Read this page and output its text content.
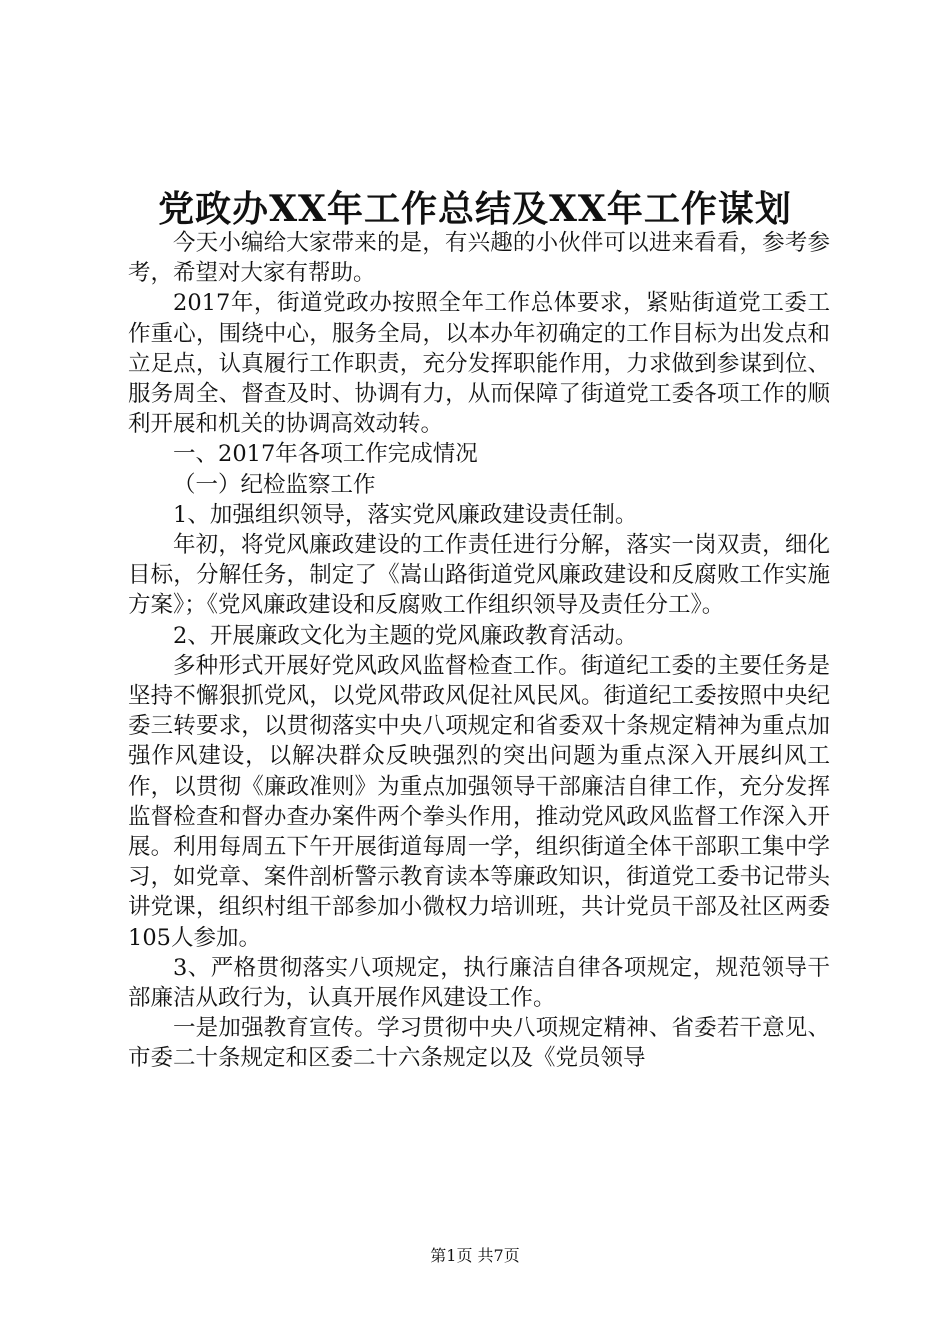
党政办XX年工作总结及XX年工作谋划

今天小编给大家带来的是，有兴趣的小伙伴可以进来看看，参考参考，希望对大家有帮助。

2017年，街道党政办按照全年工作总体要求，紧贴街道党工委工作重心，围绕中心，服务全局，以本办年初确定的工作目标为出发点和立足点，认真履行工作职责，充分发挥职能作用，力求做到参谋到位、服务周全、督查及时、协调有力，从而保障了街道党工委各项工作的顺利开展和机关的协调高效动转。

一、2017年各项工作完成情况

（一）纪检监察工作

1、加强组织领导，落实党风廉政建设责任制。

年初，将党风廉政建设的工作责任进行分解，落实一岗双责，细化目标，分解任务，制定了《嵩山路街道党风廉政建设和反腐败工作实施方案》；《党风廉政建设和反腐败工作组织领导及责任分工》。

2、开展廉政文化为主题的党风廉政教育活动。

多种形式开展好党风政风监督检查工作。街道纪工委的主要任务是坚持不懈狠抓党风，以党风带政风促社风民风。街道纪工委按照中央纪委三转要求，以贯彻落实中央八项规定和省委双十条规定精神为重点加强作风建设，以解决群众反映强烈的突出问题为重点深入开展纠风工作，以贯彻《廉政准则》为重点加强领导干部廉洁自律工作，充分发挥监督检查和督办查办案件两个拳头作用，推动党风政风监督工作深入开展。利用每周五下午开展街道每周一学，组织街道全体干部职工集中学习，如党章、案件剖析警示教育读本等廉政知识，街道党工委书记带头讲党课，组织村组干部参加小微权力培训班，共计党员干部及社区两委105人参加。

3、严格贯彻落实八项规定，执行廉洁自律各项规定，规范领导干部廉洁从政行为，认真开展作风建设工作。

一是加强教育宣传。学习贯彻中央八项规定精神、省委若干意见、市委二十条规定和区委二十六条规定以及《党员领导

第1页 共7页
